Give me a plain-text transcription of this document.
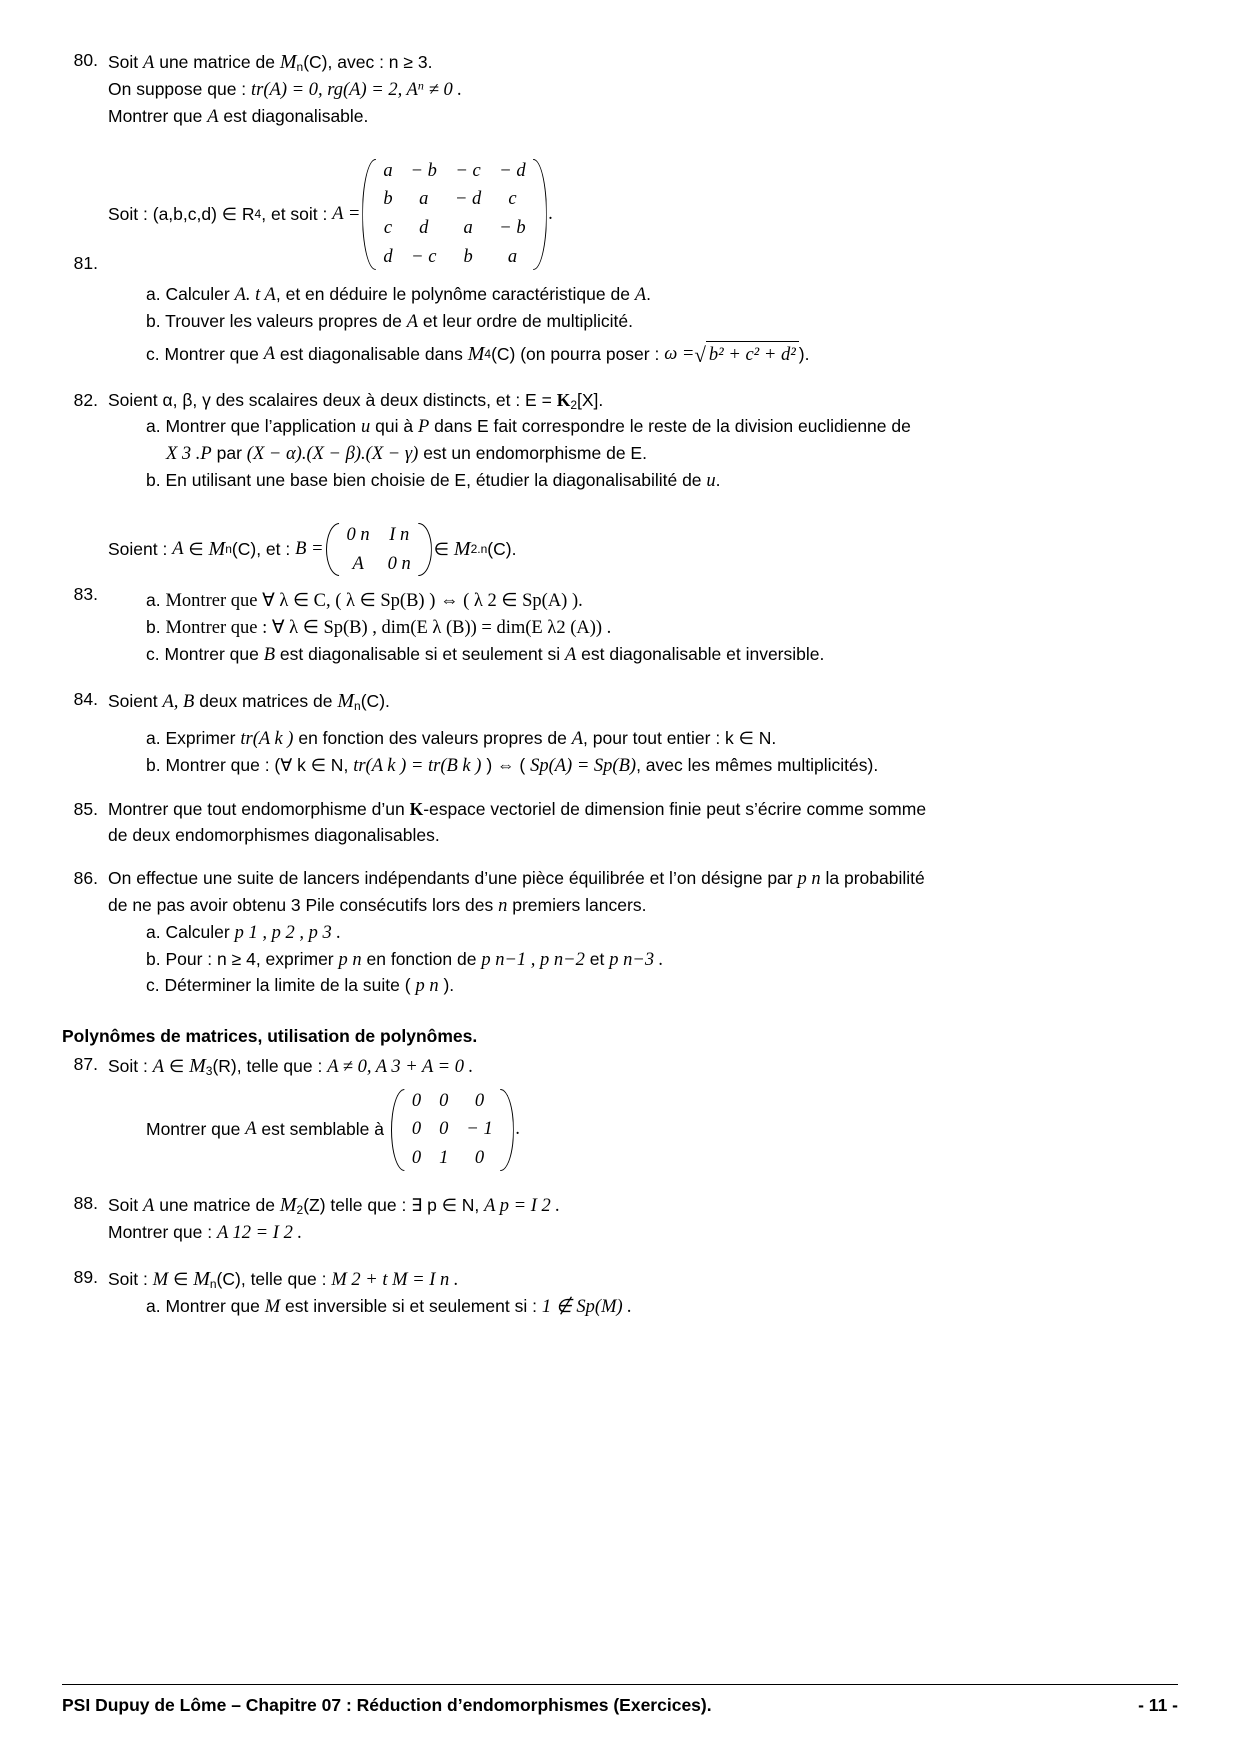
80. Soit A une matrice de Mn(C), avec : n ≥ 3.
On suppose que : tr(A) = 0, rg(A) = 2, $A^n \ne 0$ .
Montrer que A est diagonalisable.
81.
Soit : (a,b,c,d) ∈ R 4 , et soit :
A =
a	− b	− c	− d
b	a	− d	c
c	d	a	− b
d	− c	b	a
.
a. Calculer A. t A, et en déduire le polynôme caractéristique de A.
b. Trouver les valeurs propres de A et leur ordre de multiplicité.
c.
Montrer que
A
est diagonalisable dans
M 4 (C) (on pourra poser :
ω = √ b² + c² + d² ).
82. Soient α, β, γ des scalaires deux à deux distincts, et : E = K2[X].
a. Montrer que l’application u qui à P dans E fait correspondre le reste de la division euclidienne de
X 3 .P par (X − α).(X − β).(X − γ) est un endomorphisme de E.
b. En utilisant une base bien choisie de E, étudier la diagonalisabilité de u.
83.
Soient :
A
∈
M n (C), et :
B =
0 n	I n
A	0 n
∈
M 2.n (C).
a. Montrer que ∀ λ ∈ C, ( λ ∈ Sp(B) ) ⇔ ( λ 2 ∈ Sp(A) ).
b. Montrer que : ∀ λ ∈ Sp(B) , dim(E λ (B)) = dim(E λ2 (A)) .
c. Montrer que B est diagonalisable si et seulement si A est diagonalisable et inversible.
84. Soient A, B deux matrices de Mn(C).
a. Exprimer tr(A k ) en fonction des valeurs propres de A, pour tout entier : k ∈ N.
b. Montrer que : (∀ k ∈ N, tr(A k ) = tr(B k ) ) ⇔ ( Sp(A) = Sp(B), avec les mêmes multiplicités).
85. Montrer que tout endomorphisme d’un K-espace vectoriel de dimension finie peut s’écrire comme somme
de deux endomorphismes diagonalisables.
86. On effectue une suite de lancers indépendants d’une pièce équilibrée et l’on désigne par p n la probabilité
de ne pas avoir obtenu 3 Pile consécutifs lors des n premiers lancers.
a. Calculer p 1 , p 2 , p 3 .
b. Pour : n ≥ 4, exprimer p n en fonction de p n−1 , p n−2 et p n−3 .
c. Déterminer la limite de la suite ( p n ).
Polynômes de matrices, utilisation de polynômes.
87. Soit : A ∈ M3(R), telle que : A ≠ 0, A 3 + A = 0 .
Montrer que
A
est semblable à

0	0	0
0	0	− 1
0	1	0
.
88. Soit A une matrice de M2(Z) telle que : ∃ p ∈ N, A p = I 2 .
Montrer que : A 12 = I 2 .
89. Soit : M ∈ Mn(C), telle que : M 2 + t M = I n .
a. Montrer que M est inversible si et seulement si : 1 ∉ Sp(M) .
PSI Dupuy de Lôme – Chapitre 07 : Réduction d’endomorphismes (Exercices).	- 11 -
